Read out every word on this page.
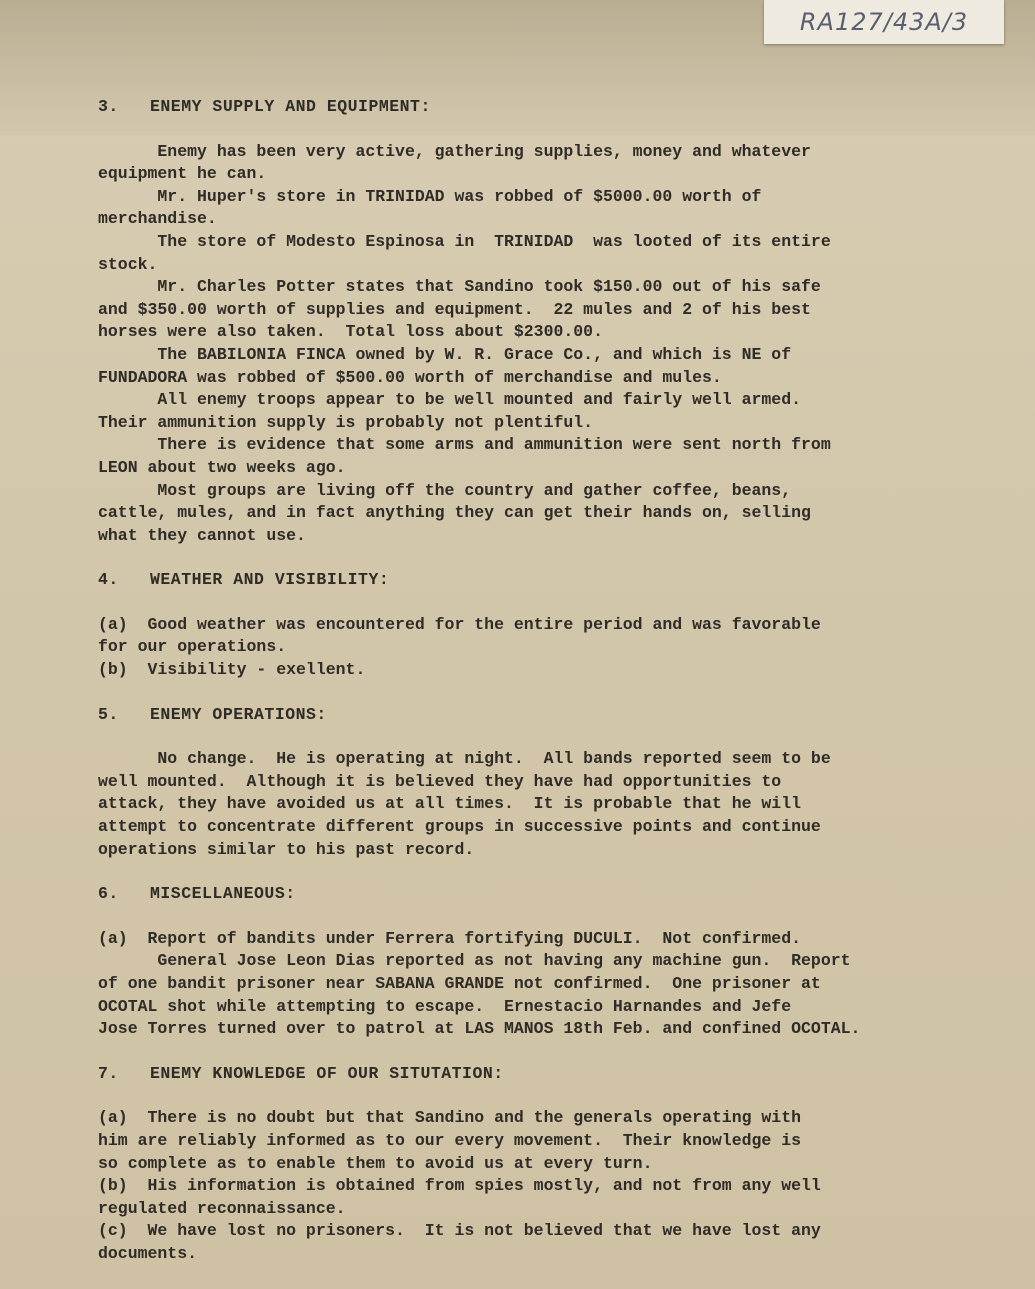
RA127/43A/3
3.   ENEMY SUPPLY AND EQUIPMENT:
Enemy has been very active, gathering supplies, money and whatever
equipment he can.
Mr. Huper's store in TRINIDAD was robbed of $5000.00 worth of
merchandise.
The store of Modesto Espinosa in  TRINIDAD  was looted of its entire
stock.
Mr. Charles Potter states that Sandino took $150.00 out of his safe
and $350.00 worth of supplies and equipment.  22 mules and 2 of his best
horses were also taken.  Total loss about $2300.00.
The BABILONIA FINCA owned by W. R. Grace Co., and which is NE of
FUNDADORA was robbed of $500.00 worth of merchandise and mules.
All enemy troops appear to be well mounted and fairly well armed.
Their ammunition supply is probably not plentiful.
There is evidence that some arms and ammunition were sent north from
LEON about two weeks ago.
Most groups are living off the country and gather coffee, beans,
cattle, mules, and in fact anything they can get their hands on, selling
what they cannot use.
4.   WEATHER AND VISIBILITY:
(a)  Good weather was encountered for the entire period and was favorable
for our operations.
(b)  Visibility - exellent.
5.   ENEMY OPERATIONS:
No change.  He is operating at night.  All bands reported seem to be
well mounted.  Although it is believed they have had opportunities to
attack, they have avoided us at all times.  It is probable that he will
attempt to concentrate different groups in successive points and continue
operations similar to his past record.
6.   MISCELLANEOUS:
(a)  Report of bandits under Ferrera fortifying DUCULI.  Not confirmed.
General Jose Leon Dias reported as not having any machine gun.  Report
of one bandit prisoner near SABANA GRANDE not confirmed.  One prisoner at
OCOTAL shot while attempting to escape.  Ernestacio Harnandes and Jefe
Jose Torres turned over to patrol at LAS MANOS 18th Feb. and confined OCOTAL.
7.   ENEMY KNOWLEDGE OF OUR SITUTATION:
(a)  There is no doubt but that Sandino and the generals operating with
him are reliably informed as to our every movement.  Their knowledge is
so complete as to enable them to avoid us at every turn.
(b)  His information is obtained from spies mostly, and not from any well
regulated reconnaissance.
(c)  We have lost no prisoners.  It is not believed that we have lost any
documents.
